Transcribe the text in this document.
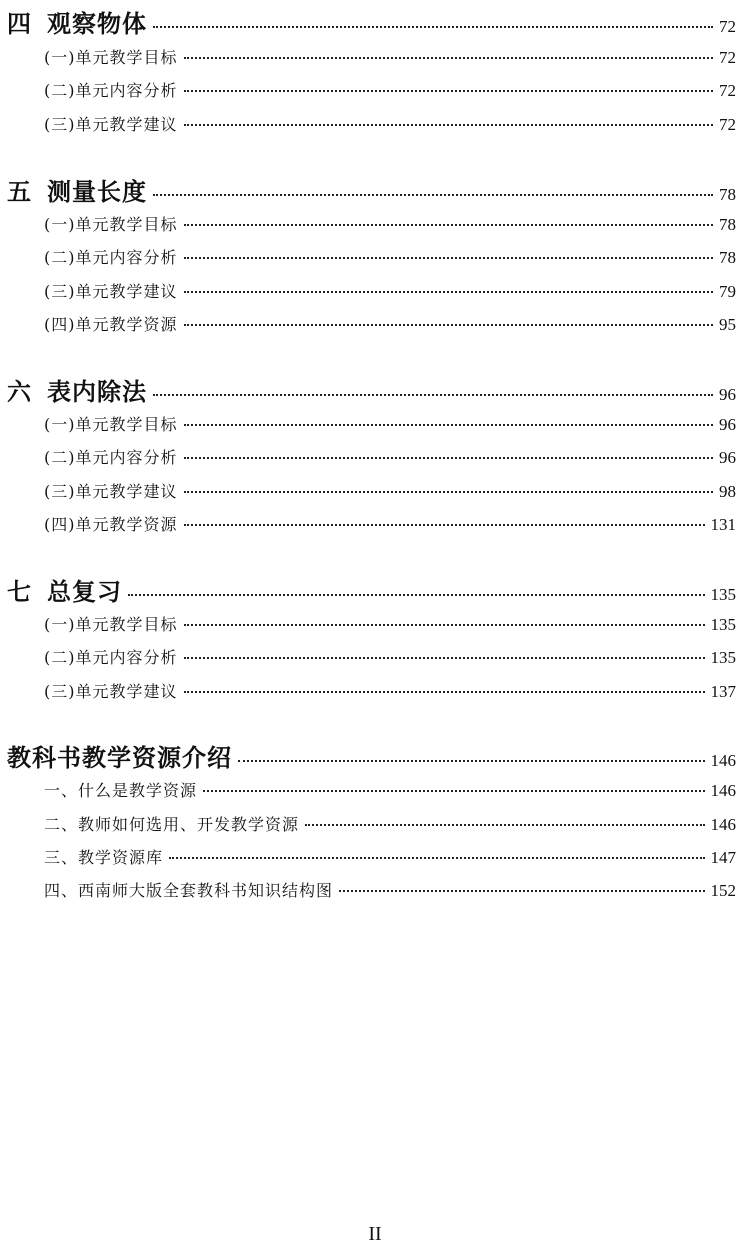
四 观察物体	72
(一)单元教学目标	72
(二)单元内容分析	72
(三)单元教学建议	72
五 测量长度	78
(一)单元教学目标	78
(二)单元内容分析	78
(三)单元教学建议	79
(四)单元教学资源	95
六 表内除法	96
(一)单元教学目标	96
(二)单元内容分析	96
(三)单元教学建议	98
(四)单元教学资源	131
七 总复习	135
(一)单元教学目标	135
(二)单元内容分析	135
(三)单元教学建议	137
教科书教学资源介绍	146
一、什么是教学资源	146
二、教师如何选用、开发教学资源	146
三、教学资源库	147
四、西南师大版全套教科书知识结构图	152
II
